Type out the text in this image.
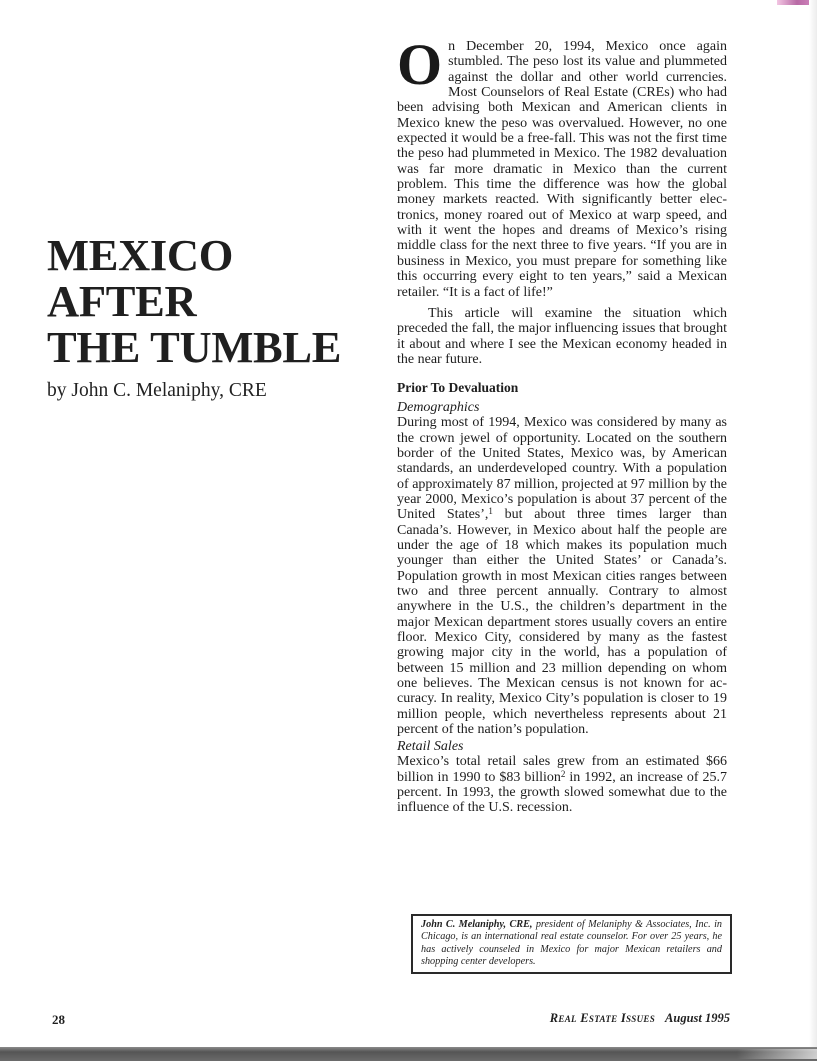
MEXICO AFTER
THE TUMBLE

by John C. Melaniphy, CRE

On December 20, 1994, Mexico once again stumbled. The peso lost its value and plummeted against the dollar and other world currencies. Most Counselors of Real Estate (CREs) who had been advising both Mexican and American clients in Mexico knew the peso was overvalued. However, no one expected it would be a free-fall. This was not the first time the peso had plummeted in Mexico. The 1982 devaluation was far more dramatic in Mexico than the current problem. This time the difference was how the global money markets reacted. With significantly better electronics, money roared out of Mexico at warp speed, and with it went the hopes and dreams of Mexico’s rising middle class for the next three to five years. “If you are in business in Mexico, you must prepare for something like this occurring every eight to ten years,” said a Mexican retailer. “It is a fact of life!”

This article will examine the situation which preceded the fall, the major influencing issues that brought it about and where I see the Mexican economy headed in the near future.

Prior To Devaluation

Demographics

During most of 1994, Mexico was considered by many as the crown jewel of opportunity. Located on the southern border of the United States, Mexico was, by American standards, an underdeveloped country. With a population of approximately 87 million, projected at 97 million by the year 2000, Mexico’s population is about 37 percent of the United States’,$^1$ but about three times larger than Canada’s. However, in Mexico about half the people are under the age of 18 which makes its population much younger than either the United States’ or Canada’s. Population growth in most Mexican cities ranges between two and three percent annually. Contrary to almost anywhere in the U.S., the children’s department in the major Mexican department stores usually covers an entire floor. Mexico City, considered by many as the fastest growing major city in the world, has a population of between 15 million and 23 million depending on whom one believes. The Mexican census is not known for accuracy. In reality, Mexico City’s population is closer to 19 million people, which nevertheless represents about 21 percent of the nation’s population.

Retail Sales

Mexico’s total retail sales grew from an estimated $66 billion in 1990 to $83 billion$^2$ in 1992, an increase of 25.7 percent. In 1993, the growth slowed somewhat due to the influence of the U.S. recession.

John C. Melaniphy, CRE, president of Melaniphy & Associates, Inc. in Chicago, is an international real estate counselor. For over 25 years, he has actively counseled in Mexico for major Mexican retailers and shopping center developers.
28	Real Estate Issues August 1995
